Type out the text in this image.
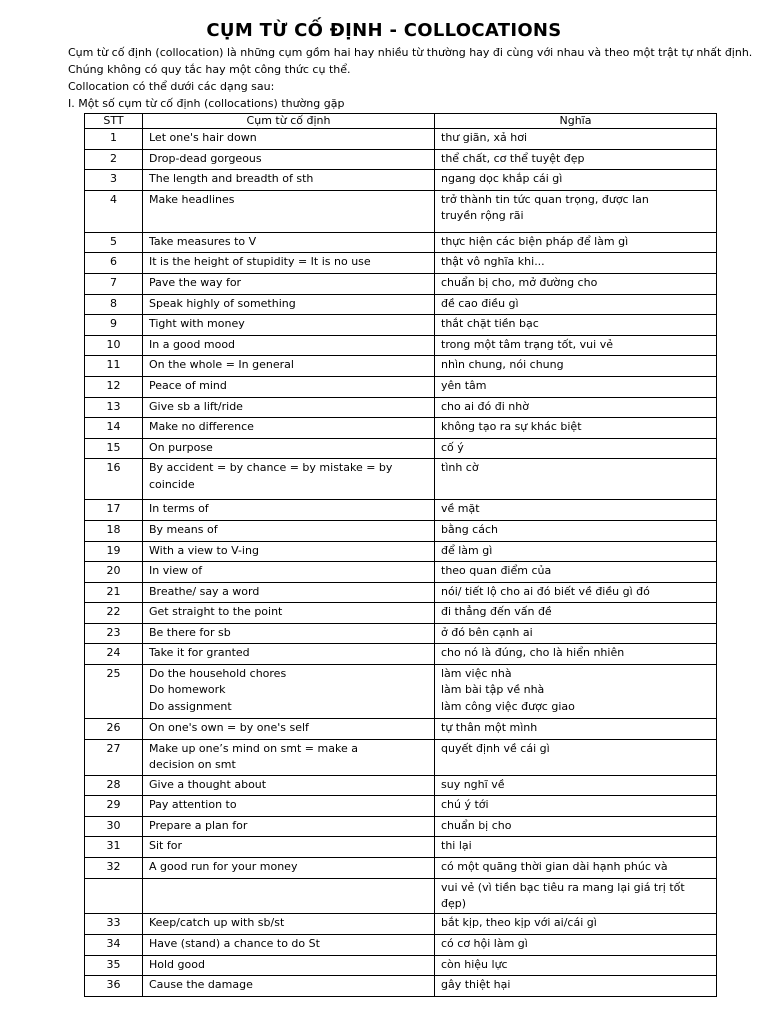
CỤM TỪ CỐ ĐỊNH - COLLOCATIONS
Cụm từ cố định (collocation) là những cụm gồm hai hay nhiều từ thường hay đi cùng với nhau và theo một trật tự nhất định.
Chúng không có quy tắc hay một công thức cụ thể.
Collocation có thể dưới các dạng sau:
I. Một số cụm từ cố định (collocations) thường gặp
STT	Cụm từ cố định	Nghĩa
1	Let one's hair down	thư giãn, xả hơi

2	Drop-dead gorgeous	thể chất, cơ thể tuyệt đẹp

3	The length and breadth of sth	ngang dọc khắp cái gì

4	Make headlines	trở thành tin tức quan trọng, được lan
truyền rộng rãi

5	Take measures to V	thực hiện các biện pháp để làm gì

6	It is the height of stupidity = It is no use	thật vô nghĩa khi...

7	Pave the way for	chuẩn bị cho, mở đường cho

8	Speak highly of something	đề cao điều gì

9	Tight with money	thắt chặt tiền bạc

10	In a good mood	trong một tâm trạng tốt, vui vẻ

11	On the whole = In general	nhìn chung, nói chung

12	Peace of mind	yên tâm

13	Give sb a lift/ride	cho ai đó đi nhờ

14	Make no difference	không tạo ra sự khác biệt

15	On purpose	cố ý

16	By accident = by chance = by mistake = by
coincide	tình cờ

17	In terms of	về mặt

18	By means of	bằng cách

19	With a view to V-ing	để làm gì

20	In view of	theo quan điểm của

21	Breathe/ say a word	nói/ tiết lộ cho ai đó biết về điều gì đó

22	Get straight to the point	đi thẳng đến vấn đề

23	Be there for sb	ở đó bên cạnh ai

24	Take it for granted	cho nó là đúng, cho là hiển nhiên

25	Do the household chores
Do homework
Do assignment	làm việc nhà
làm bài tập về nhà
làm công việc được giao

26	On one's own = by one's self	tự thân một mình

27	Make up one’s mind on smt = make a
decision on smt	quyết định về cái gì

28	Give a thought about	suy nghĩ về

29	Pay attention to	chú ý tới

30	Prepare a plan for	chuẩn bị cho

31	Sit for	thi lại

32	A good run for your money	có một quãng thời gian dài hạnh phúc và

		vui vẻ (vì tiền bạc tiêu ra mang lại giá trị tốt
đẹp)

33	Keep/catch up with sb/st	bắt kịp, theo kịp với ai/cái gì

34	Have (stand) a chance to do St	có cơ hội làm gì

35	Hold good	còn hiệu lực

36	Cause the damage	gây thiệt hại
